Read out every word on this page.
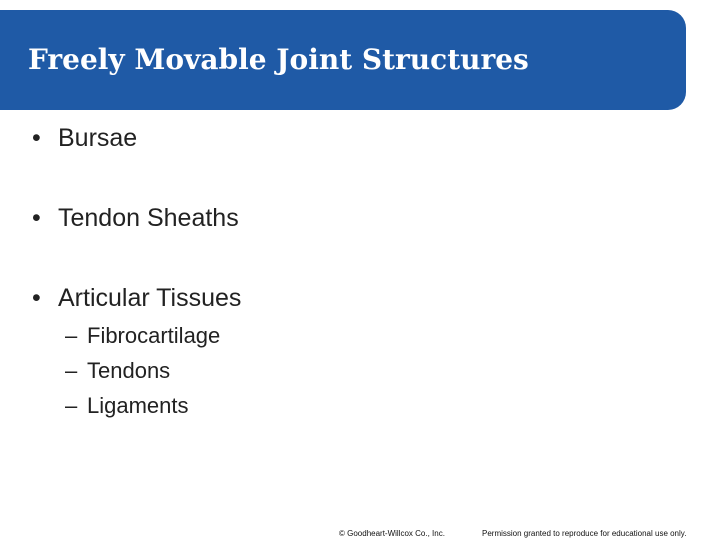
Freely Movable Joint Structures
• Bursae
• Tendon Sheaths
• Articular Tissues
– Fibrocartilage
– Tendons
– Ligaments
© Goodheart-Willcox Co., Inc.	Permission granted to reproduce for educational use only.
